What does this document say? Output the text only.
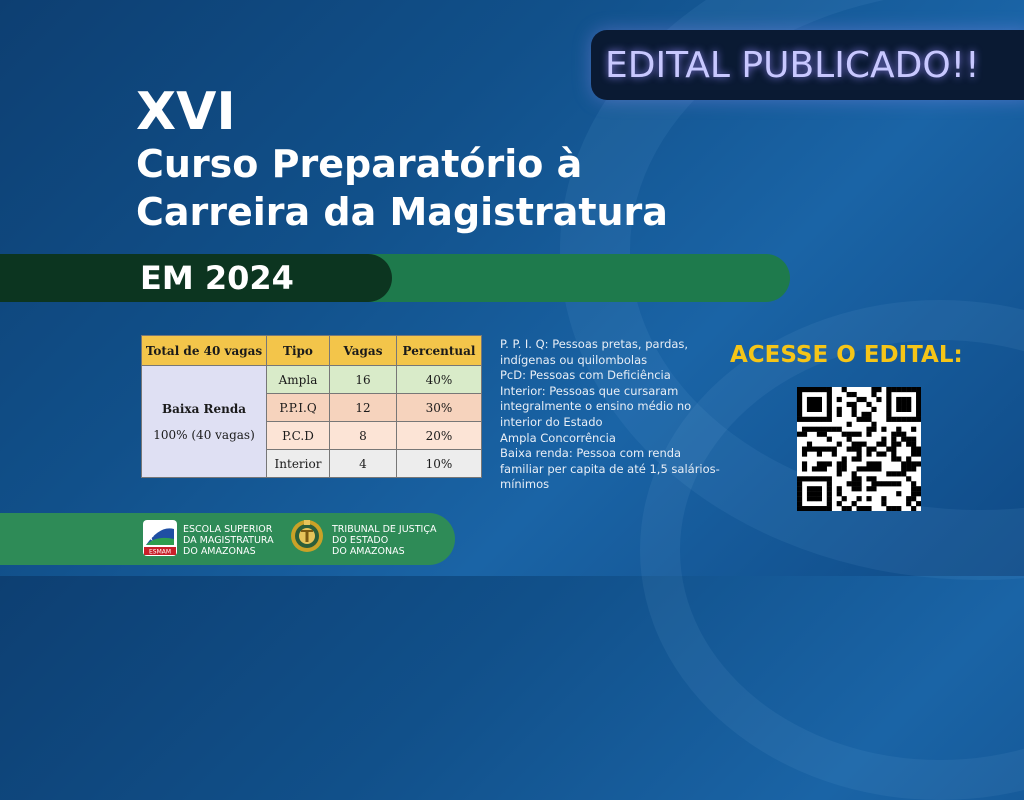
EDITAL PUBLICADO!!
XVI
Curso Preparatório à
Carreira da Magistratura
EM 2024
Total de 40 vagas	Tipo	Vagas	Percentual

Baixa Renda
100% (40 vagas)	Ampla	16	40%
	P.P.I.Q	12	30%
	P.C.D	8	20%
	Interior	4	10%
P. P. I. Q: Pessoas pretas, pardas, indígenas ou quilombolas
PcD: Pessoas com Deficiência
Interior: Pessoas que cursaram integralmente o ensino médio no interior do Estado
Ampla Concorrência
Baixa renda: Pessoa com renda familiar per capita de até 1,5 salários-mínimos
ACESSE O EDITAL:
ESMAM
ESCOLA SUPERIOR
DA MAGISTRATURA
DO AMAZONAS
TRIBUNAL DE JUSTIÇA
DO ESTADO
DO AMAZONAS
